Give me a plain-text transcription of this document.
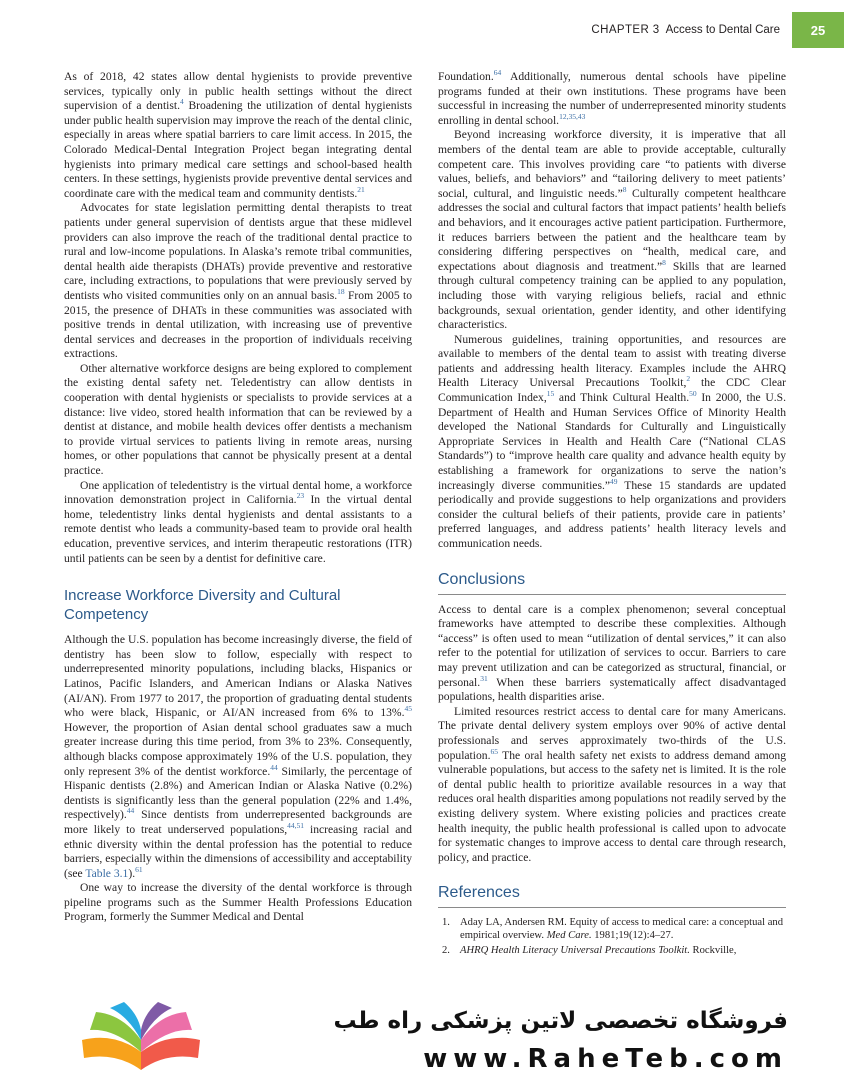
CHAPTER 3 Access to Dental Care	25

As of 2018, 42 states allow dental hygienists to provide preventive services, typically only in public health settings without the direct supervision of a dentist.$^4$ Broadening the utilization of dental hygienists under public health supervision may improve the reach of the dental clinic, especially in areas where spatial barriers to care limit access. In 2015, the Colorado Medical-Dental Integration Project began integrating dental hygienists into primary medical care settings and school-based health centers. In these settings, hygienists provide preventive dental services and coordinate care with the medical team and community dentists.$^{21}$

Advocates for state legislation permitting dental therapists to treat patients under general supervision of dentists argue that these midlevel providers can also improve the reach of the traditional dental practice to rural and low-income populations. In Alaska’s remote tribal communities, dental health aide therapists (DHATs) provide preventive and restorative care, including extractions, to populations that were previously served by dentists who visited communities only on an annual basis.$^{18}$ From 2005 to 2015, the presence of DHATs in these communities was associated with positive trends in dental utilization, with increasing use of preventive dental services and decreases in the proportion of individuals receiving extractions.

Other alternative workforce designs are being explored to complement the existing dental safety net. Teledentistry can allow dentists in cooperation with dental hygienists or specialists to provide services at a distance: live video, stored health information that can be reviewed by a dentist at distance, and mobile health devices offer dentists a mechanism to provide virtual services to patients living in remote areas, nursing homes, or other populations that cannot be physically present at a dental practice.

One application of teledentistry is the virtual dental home, a workforce innovation demonstration project in California.$^{23}$ In the virtual dental home, teledentistry links dental hygienists and dental assistants to a remote dentist who leads a community-based team to provide oral health education, preventive services, and interim therapeutic restorations (ITR) until patients can be seen by a dentist for definitive care.

Increase Workforce Diversity and Cultural Competency

Although the U.S. population has become increasingly diverse, the field of dentistry has been slow to follow, especially with respect to underrepresented minority populations, including blacks, Hispanics or Latinos, Pacific Islanders, and American Indians or Alaska Natives (AI/AN). From 1977 to 2017, the proportion of graduating dental students who were black, Hispanic, or AI/AN increased from 6% to 13%.$^{45}$ However, the proportion of Asian dental school graduates saw a much greater increase during this time period, from 3% to 23%. Consequently, although blacks compose approximately 19% of the U.S. population, they only represent 3% of the dentist workforce.$^{44}$ Similarly, the percentage of Hispanic dentists (2.8%) and American Indian or Alaska Native (0.2%) dentists is significantly less than the general population (22% and 1.4%, respectively).$^{44}$ Since dentists from underrepresented backgrounds are more likely to treat underserved populations,$^{44,51}$ increasing racial and ethnic diversity within the dental profession has the potential to reduce barriers, especially within the dimensions of accessibility and acceptability (see Table 3.1).$^{61}$

One way to increase the diversity of the dental workforce is through pipeline programs such as the Summer Health Professions Education Program, formerly the Summer Medical and Dental

Foundation.$^{64}$ Additionally, numerous dental schools have pipeline programs funded at their own institutions. These programs have been successful in increasing the number of underrepresented minority students enrolling in dental school.$^{12,35,43}$

Beyond increasing workforce diversity, it is imperative that all members of the dental team are able to provide acceptable, culturally competent care. This involves providing care “to patients with diverse values, beliefs, and behaviors” and “tailoring delivery to meet patients’ social, cultural, and linguistic needs.”$^8$ Culturally competent healthcare addresses the social and cultural factors that impact patients’ health beliefs and behaviors, and it encourages active patient participation. Furthermore, it reduces barriers between the patient and the healthcare team by considering differing perspectives on “health, medical care, and expectations about diagnosis and treatment.”$^8$ Skills that are learned through cultural competency training can be applied to any population, including those with varying religious beliefs, racial and ethnic backgrounds, sexual orientation, gender identity, and other identifying characteristics.

Numerous guidelines, training opportunities, and resources are available to members of the dental team to assist with treating diverse patients and addressing health literacy. Examples include the AHRQ Health Literacy Universal Precautions Toolkit,$^2$ the CDC Clear Communication Index,$^{15}$ and Think Cultural Health.$^{50}$ In 2000, the U.S. Department of Health and Human Services Office of Minority Health developed the National Standards for Culturally and Linguistically Appropriate Services in Health and Health Care (“National CLAS Standards”) to “improve health care quality and advance health equity by establishing a framework for organizations to serve the nation’s increasingly diverse communities.”$^{49}$ These 15 standards are updated periodically and provide suggestions to help organizations and providers consider the cultural beliefs of their patients, provide care in patients’ preferred languages, and address patients’ health literacy levels and communication needs.

Conclusions

Access to dental care is a complex phenomenon; several conceptual frameworks have attempted to describe these complexities. Although “access” is often used to mean “utilization of dental services,” it can also refer to the potential for utilization of services to occur. Barriers to care may prevent utilization and can be categorized as structural, financial, or personal.$^{31}$ When these barriers systematically affect disadvantaged populations, health disparities arise.

Limited resources restrict access to dental care for many Americans. The private dental delivery system employs over 90% of active dental professionals and serves approximately two-thirds of the U.S. population.$^{65}$ The oral health safety net exists to address demand among vulnerable populations, but access to the safety net is limited. It is the role of dental public health to prioritize available resources in a way that reduces oral health disparities among populations not readily served by the existing delivery system. Where existing policies and practices create health inequity, the public health professional is called upon to advocate for systematic changes to improve access to dental care through research, policy, and practice.

References
1. Aday LA, Andersen RM. Equity of access to medical care: a conceptual and empirical overview. Med Care. 1981;19(12):4–27.
2. AHRQ Health Literacy Universal Precautions Toolkit. Rockville,
فروشگاه تخصصی لاتین پزشکی راه طب
www.RaheTeb.com
